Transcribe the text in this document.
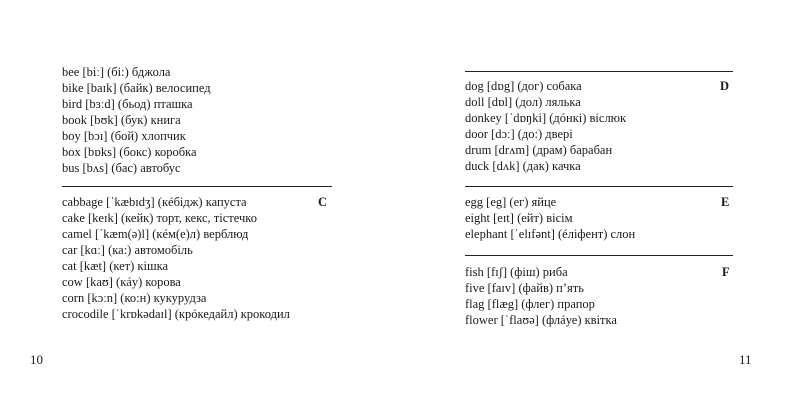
bee [biː] (бі:) бджола
bike [baɪk] (байк) велосипед
bird [bɜːd] (бьод) пташка
book [bʊk] (бук) книга
boy [bɔɪ] (бой) хлопчик
box [bɒks] (бокс) коробка
bus [bʌs] (бас) автобус
C
cabbage [ˈkæbɪdʒ] (кéбідж) капуста
cake [keɪk] (кейк) торт, кекс, тістечко
camel [ˈkæm(ə)l] (кéм(е)л) верблюд
car [kɑː] (ка:) автомобіль
cat [kæt] (кет) кішка
cow [kaʊ] (кáу) корова
corn [kɔːn] (ко:н) кукурудза
crocodile [ˈkrɒkədaɪl] (крóкедайл) крокодил
10
D
dog [dɒg] (дог) собака
doll [dɒl] (дол) лялька
donkey [ˈdɒŋki] (дóнкі) віслюк
door [dɔː] (до:) двері
drum [drʌm] (драм) барабан
duck [dʌk] (дак) качка
E
egg [eg] (ег) яйце
eight [eɪt] (ейт) вісім
elephant [ˈelɪfənt] (éліфент) слон
F
fish [fɪʃ] (фіш) риба
five [faɪv] (файв) п’ять
flag [flæg] (флег) прапор
flower [ˈflaʊə] (флáуе) квітка
11
